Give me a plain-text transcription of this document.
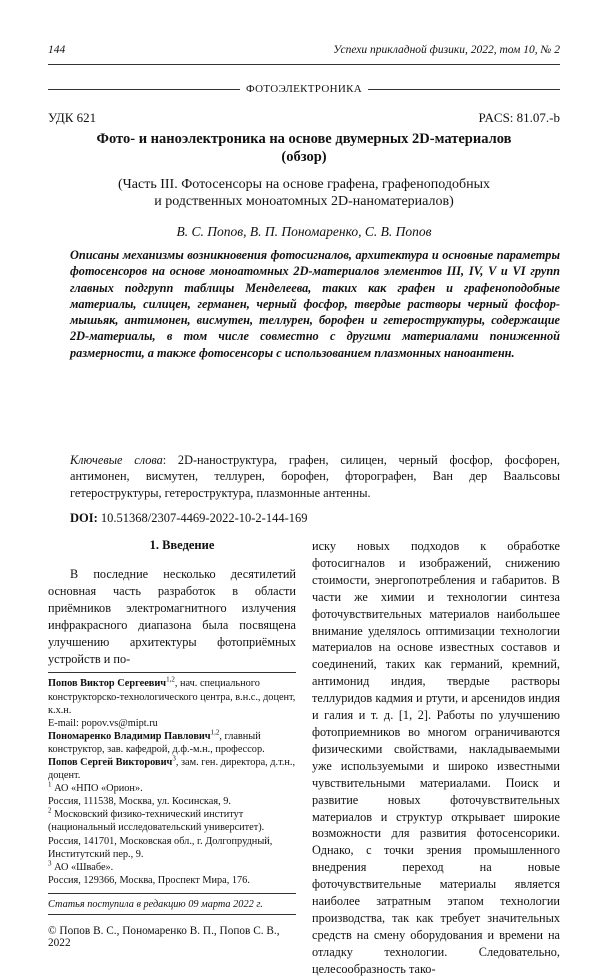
144	Успехи прикладной физики, 2022, том 10, № 2
ФОТОЭЛЕКТРОНИКА
УДК 621	PACS: 81.07.-b
Фото- и наноэлектроника на основе двумерных 2D-материалов
(обзор)
(Часть III. Фотосенсоры на основе графена, графеноподобных
и родственных моноатомных 2D-наноматериалов)
В. С. Попов, В. П. Пономаренко, С. В. Попов
Описаны механизмы возникновения фотосигналов, архитектура и основные параметры фотосенсоров на основе моноатомных 2D-материалов элементов III, IV, V и VI групп главных подгрупп таблицы Менделеева, таких как графен и графеноподобные материалы, силицен, германен, черный фосфор, твердые растворы черный фосфор-мышьяк, антимонен, висмутен, теллурен, борофен и гетероструктуры, содержащие 2D-материалы, в том числе совместно с другими материалами пониженной размерности, а также фотосенсоры с использованием плазмонных наноантенн.
Ключевые слова: 2D-наноструктура, графен, силицен, черный фосфор, фосфорен, антимонен, висмутен, теллурен, борофен, фторографен, Ван дер Ваальсовы гетероструктуры, гетероструктура, плазмонные антенны.
DOI: 10.51368/2307-4469-2022-10-2-144-169
1. Введение
В последние несколько десятилетий основная часть разработок в области приёмников электромагнитного излучения инфракрасного диапазона была посвящена улучшению архитектуры фотоприёмных устройств и по-

Попов Виктор Сергеевич$^{1,2}$, нач. специального конструкторско-технологического центра, в.н.с., доцент, к.х.н.

E-mail: popov.vs@mipt.ru

Пономаренко Владимир Павлович$^{1,2}$, главный конструктор, зав. кафедрой, д.ф.-м.н., профессор.

Попов Сергей Викторович$^3$, зам. ген. директора, д.т.н., доцент.

$^1$ АО «НПО «Орион».

Россия, 111538, Москва, ул. Косинская, 9.

$^2$ Московский физико-технический институт (национальный исследовательский университет).

Россия, 141701, Московская обл., г. Долгопрудный, Институтский пер., 9.

$^3$ АО «Швабе».

Россия, 129366, Москва, Проспект Мира, 176.

Статья поступила в редакцию 09 марта 2022 г.
© Попов В. С., Пономаренко В. П., Попов С. В., 2022
иску новых подходов к обработке фотосигналов и изображений, снижению стоимости, энергопотребления и габаритов. В части же химии и технологии синтеза фоточувствительных материалов наибольшее внимание уделялось оптимизации технологии материалов на основе известных составов и соединений, таких как германий, кремний, антимонид индия, твердые растворы теллуридов кадмия и ртути, и арсенидов индия и галия и т. д. [1, 2]. Работы по улучшению фотоприемников во многом ограничиваются физическими свойствами, накладываемыми уже используемыми и широко известными чувствительными материалами. Поиск и развитие новых фоточувствительных материалов и структур открывает широкие возможности для развития фотосенсорики. Однако, с точки зрения промышленного внедрения переход на новые фоточувствительные материалы является наиболее затратным этапом технологии производства, так как требует значительных средств на смену оборудования и времени на отладку технологии. Следовательно, целесообразность тако-
